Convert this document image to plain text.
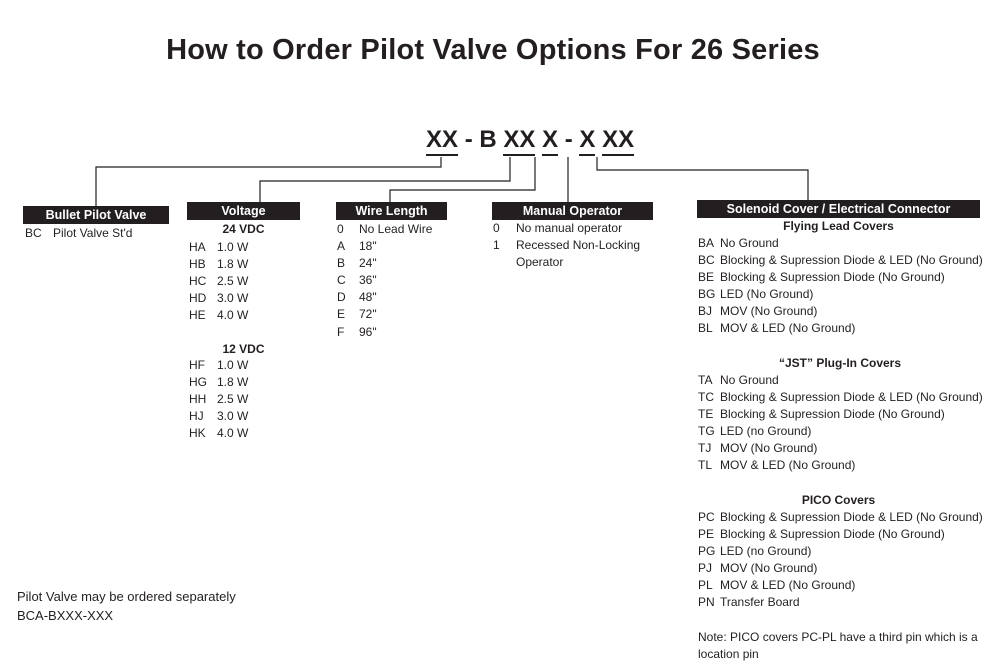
How to Order Pilot Valve Options For 26 Series
XX - B XX X - X XX
Bullet Pilot Valve
BC Pilot Valve St'd
Voltage
24 VDC
HA 1.0 W
HB 1.8 W
HC 2.5 W
HD 3.0 W
HE 4.0 W
12 VDC
HF 1.0 W
HG 1.8 W
HH 2.5 W
HJ 3.0 W
HK 4.0 W
Wire Length
0 No Lead Wire
A 18"
B 24"
C 36"
D 48"
E 72"
F 96"
Manual Operator
0 No manual operator
1 Recessed Non-Locking
Operator
Solenoid Cover / Electrical Connector
Flying Lead Covers
BA No Ground
BC Blocking & Supression Diode & LED (No Ground)
BE Blocking & Supression Diode (No Ground)
BG LED (No Ground)
BJ MOV (No Ground)
BL MOV & LED (No Ground)
“JST” Plug-In Covers
TA No Ground
TC Blocking & Supression Diode & LED (No Ground)
TE Blocking & Supression Diode (No Ground)
TG LED (no Ground)
TJ MOV (No Ground)
TL MOV & LED (No Ground)
PICO Covers
PC Blocking & Supression Diode & LED (No Ground)
PE Blocking & Supression Diode (No Ground)
PG LED (no Ground)
PJ MOV (No Ground)
PL MOV & LED (No Ground)
PN Transfer Board
Note: PICO covers PC-PL have a third pin which is a
location pin
Pilot Valve may be ordered separately
BCA-BXXX-XXX
